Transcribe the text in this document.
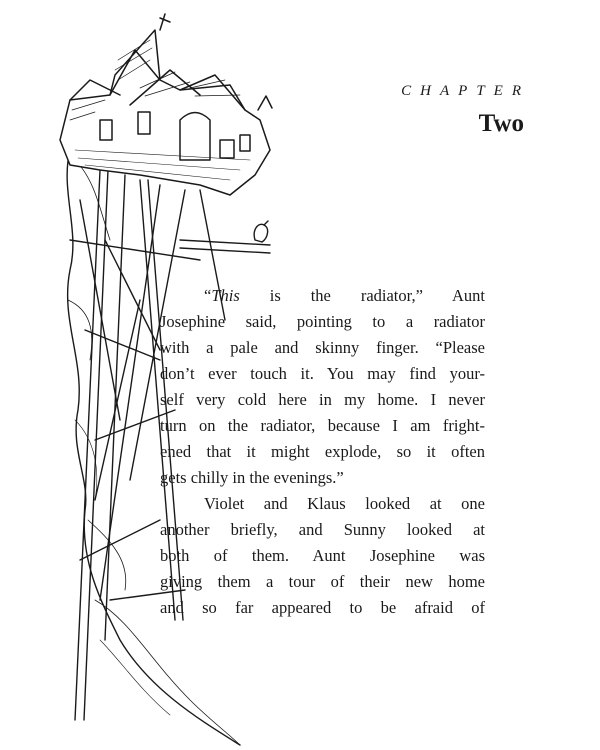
CHAPTER
Two
“This is the radiator,” Aunt
Josephine said, pointing to a radiator
with a pale and skinny finger. “Please
don’t ever touch it. You may find your-
self very cold here in my home. I never
turn on the radiator, because I am fright-
ened that it might explode, so it often
gets chilly in the evenings.”
Violet and Klaus looked at one
another briefly, and Sunny looked at
both of them. Aunt Josephine was
giving them a tour of their new home
and so far appeared to be afraid of
